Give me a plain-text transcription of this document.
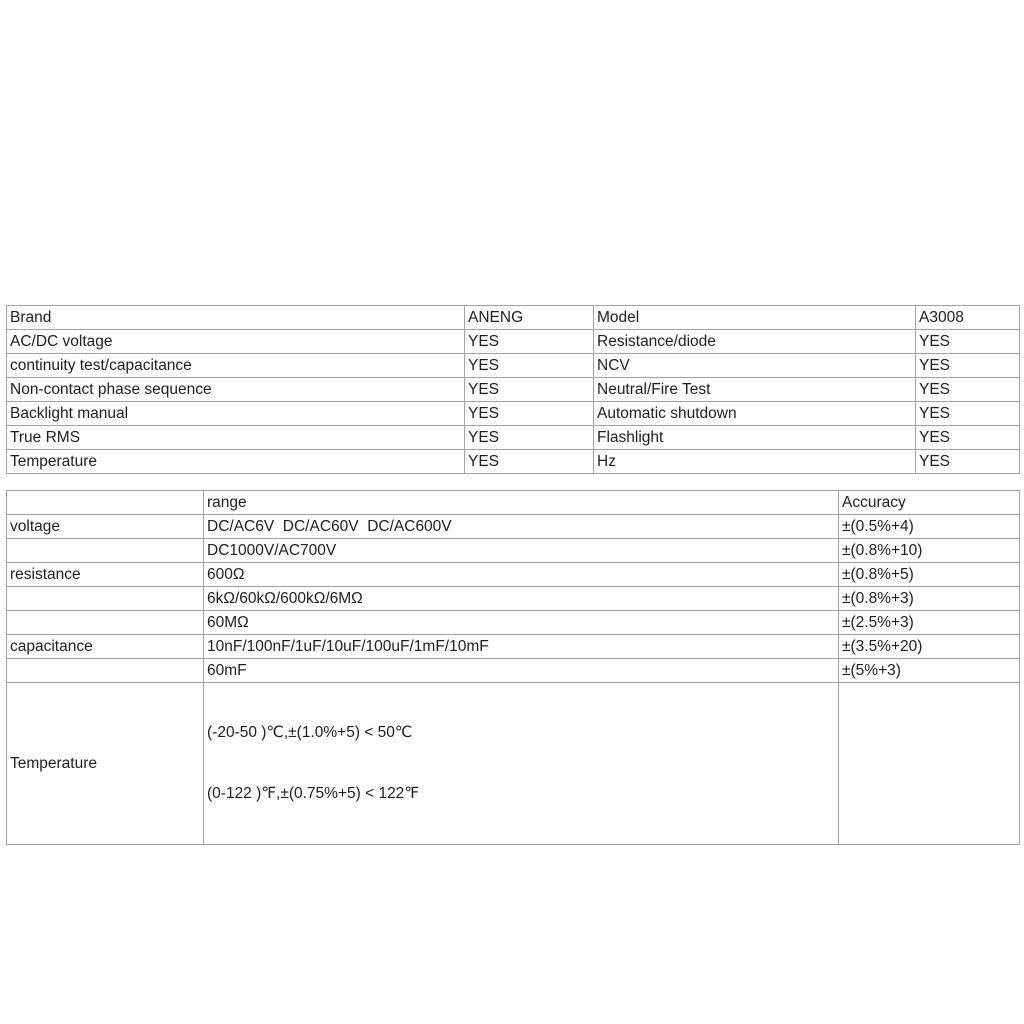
Brand	ANENG	Model	A3008
AC/DC voltage	YES	Resistance/diode	YES
continuity test/capacitance	YES	NCV	YES
Non-contact phase sequence	YES	Neutral/Fire Test	YES
Backlight manual	YES	Automatic shutdown	YES
True RMS	YES	Flashlight	YES
Temperature	YES	Hz	YES
	range	Accuracy
voltage	DC/AC6V  DC/AC60V  DC/AC600V	±(0.5%+4)
	DC1000V/AC700V	±(0.8%+10)
resistance	600Ω	±(0.8%+5)
	6kΩ/60kΩ/600kΩ/6MΩ	±(0.8%+3)
	60MΩ	±(2.5%+3)
capacitance	10nF/100nF/1uF/10uF/100uF/1mF/10mF	±(3.5%+20)
	60mF	±(5%+3)
Temperature	(-20-50 )℃,±(1.0%+5) < 50℃

(0-122 )℉,±(0.75%+5) < 122℉	
